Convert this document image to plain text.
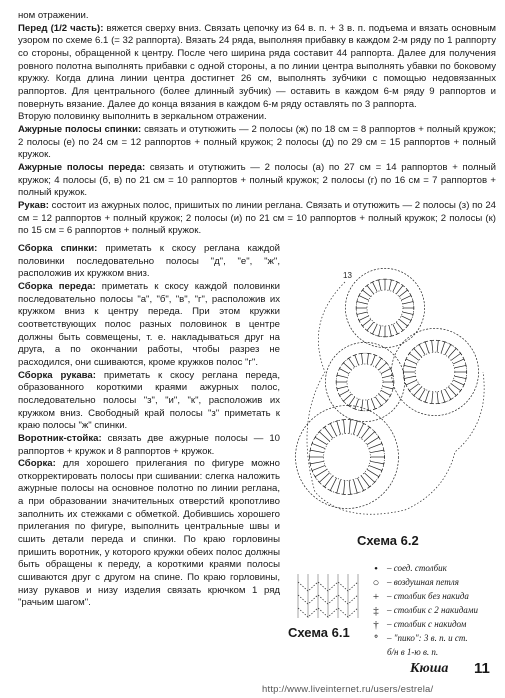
ном отражении.

Перед (1/2 часть): вяжется сверху вниз. Связать цепочку из 64 в. п. + 3 в. п. подъема и вязать основным узором по схеме 6.1 (= 32 раппорта). Вязать 24 ряда, выполняя прибавку в каждом 2-м ряду по 1 раппорту со стороны, обращенной к центру. После чего ширина ряда составит 44 раппорта. Далее для получения ровного полотна выполнять прибавки с одной стороны, а по линии центра выполнять убавки по боковому кружку. Когда длина линии центра достигнет 26 см, выполнять зубчики с помощью недовязанных раппортов. Для центрального (более длинный зубчик) — оставить в каждом 6-м ряду 9 раппортов и повернуть вязание. Далее до конца вязания в каждом 6-м ряду оставлять по 3 раппорта.

Вторую половинку выполнить в зеркальном отражении.

Ажурные полосы спинки: связать и отутюжить — 2 полосы (ж) по 18 см = 8 раппортов + полный кружок; 2 полосы (е) по 24 см = 12 раппортов + полный кружок; 2 полосы (д) по 29 см = 15 раппортов + полный кружок.

Ажурные полосы переда: связать и отутюжить — 2 полосы (а) по 27 см = 14 раппортов + полный кружок; 4 полосы (б, в) по 21 см = 10 раппортов + полный кружок; 2 полосы (г) по 16 см = 7 раппортов + полный кружок.

Рукав: состоит из ажурных полос, пришитых по линии реглана. Связать и отутюжить — 2 полосы (з) по 24 см = 12 раппортов + полный кружок; 2 полосы (и) по 21 см = 10 раппортов + полный кружок; 2 полосы (к) по 15 см = 6 раппортов + полный кружок.

Сборка спинки: приметать к скосу реглана каждой половинки последовательно полосы "д", "е", "ж", расположив их кружком вниз.

Сборка переда: приметать к скосу каждой половинки последовательно полосы "а", "б", "в", "г", расположив их кружком вниз к центру переда. При этом кружки соответствующих полос разных половинок в центре должны быть совмещены, т. е. накладываться друг на друга, а по окончании работы, чтобы разрез не расходился, они сшиваются, кроме кружков полос "г".

Сборка рукава: приметать к скосу реглана переда, образованного короткими краями ажурных полос, последовательно полосы "з", "и", "к", расположив их кружком вниз. Свободный край полосы "з" приметать к краю полосы "ж" спинки.

Воротник-стойка: связать две ажурные полосы — 10 раппортов + кружок и 8 раппортов + кружок.

Сборка: для хорошего прилегания по фигуре можно откорректировать полосы при сшивании: слегка наложить ажурные полосы на основное полотно по линии реглана, а при образовании значительных отверстий кропотливо заполнить их стежками с обметкой. Добившись хорошего прилегания по фигуре, выполнить центральные швы и сшить детали переда и спинки. По краю горловины пришить воротник, у которого кружки обеих полос должны быть обращены к переду, а короткими краями полосы сшиваются друг с другом на спине. По краю горловины, низу рукавов и низу изделия связать крючком 1 ряд "рачьим шагом".

13
Схема 6.2
Схема 6.1
•	– соед. столбик
○ – воздушная петля
+ – столбик без накида
‡ – столбик с 2 накидами
† – столбик с накидом
ᐤ – "пико": 3 в. п. и ст.
б/н в 1-ю в. п.
Кюша 11
http://www.liveinternet.ru/users/estrela/
